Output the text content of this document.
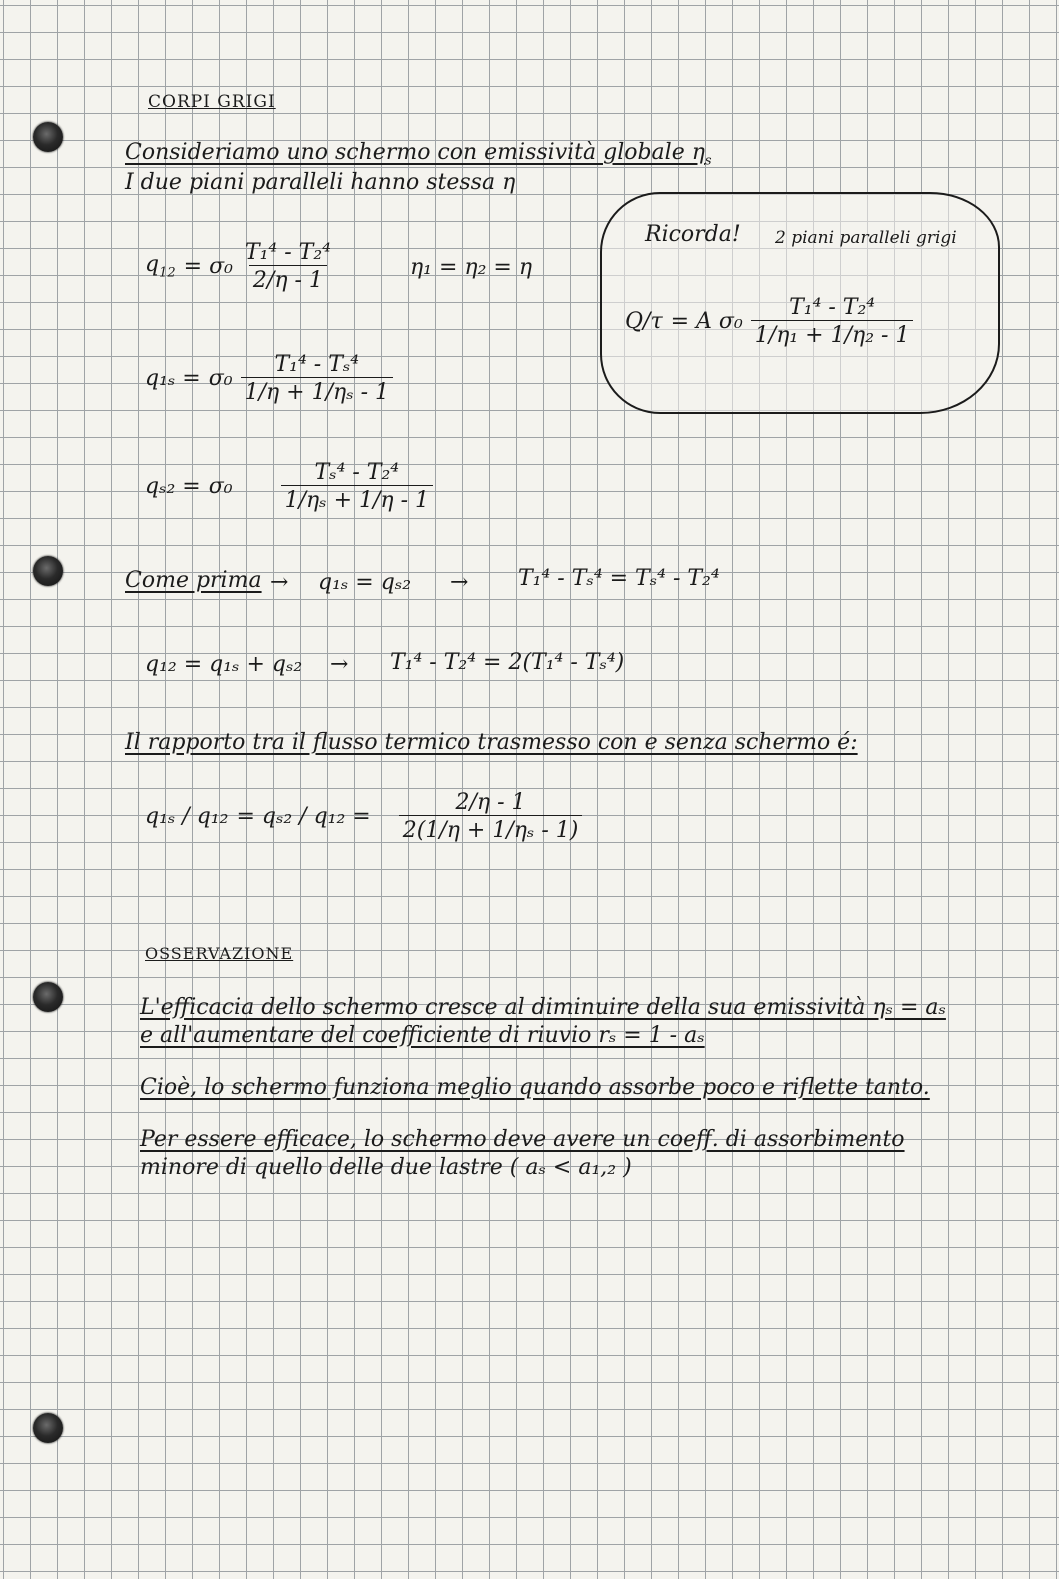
CORPI GRIGI
Consideriamo uno schermo con emissività globale $\eta_s$
I due piani paralleli hanno stessa η
$q_{12} = \sigma_0 \frac{\text{T₁⁴ - T₂⁴}}{2/\eta - 1}$	η₁ = η₂ = η
$q_{1s} = \sigma_0 \frac{\text{T₁⁴ - Tₛ⁴}}{\text{1/η + 1/ηₛ - 1}}$
$q_{s2} = \sigma_0 \frac{\text{Tₛ⁴ - T₂⁴}}{\text{1/ηₛ + 1/η - 1}}$
Ricorda! 2 piani paralleli grigi
Q/τ = A $\sigma_0 \frac{\text{T₁⁴ - T₂⁴}}{\text{1/η₁ + 1/η₂ - 1}}$
Come prima → q₁ₛ = qₛ₂ → T₁⁴ - Tₛ⁴ = Tₛ⁴ - T₂⁴
q₁₂ = q₁ₛ + qₛ₂ → T₁⁴ - T₂⁴ = 2(T₁⁴ - Tₛ⁴)
Il rapporto tra il flusso termico trasmesso con e senza schermo é:
$q_{1s} / q_{12} = q_{s2} / q_{12} = \frac{2/\eta - 1}{\text{2(1/η + 1/ηₛ - 1)}}$
OSSERVAZIONE
L'efficacia dello schermo cresce al diminuire della sua emissività ηₛ = aₛ
e all'aumentare del coefficiente di riuvio rₛ = 1 - aₛ
Cioè, lo schermo funziona meglio quando assorbe poco e riflette tanto.
Per essere efficace, lo schermo deve avere un coeff. di assorbimento
minore di quello delle due lastre ( aₛ < a₁,₂ )
